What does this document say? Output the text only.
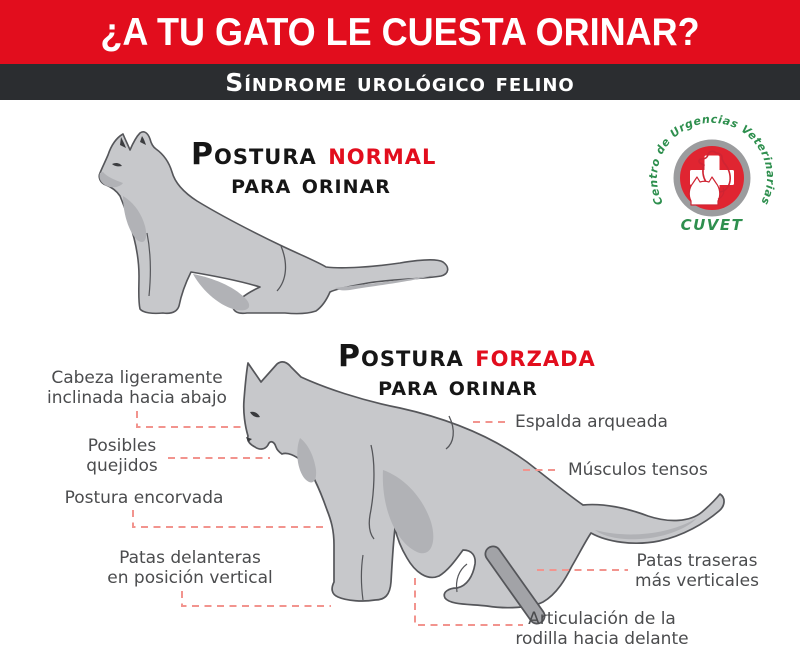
¿A TU GATO LE CUESTA ORINAR?
Síndrome urológico felino
Postura normal
para orinar
Centro de Urgencias Veterinarias
CUVET
Postura forzada
para orinar
Cabeza ligeramente
inclinada hacia abajo
Posibles
quejidos
Postura encorvada
Patas delanteras
en posición vertical
Espalda arqueada
Músculos tensos
Patas traseras
más verticales
Articulación de la
rodilla hacia delante
